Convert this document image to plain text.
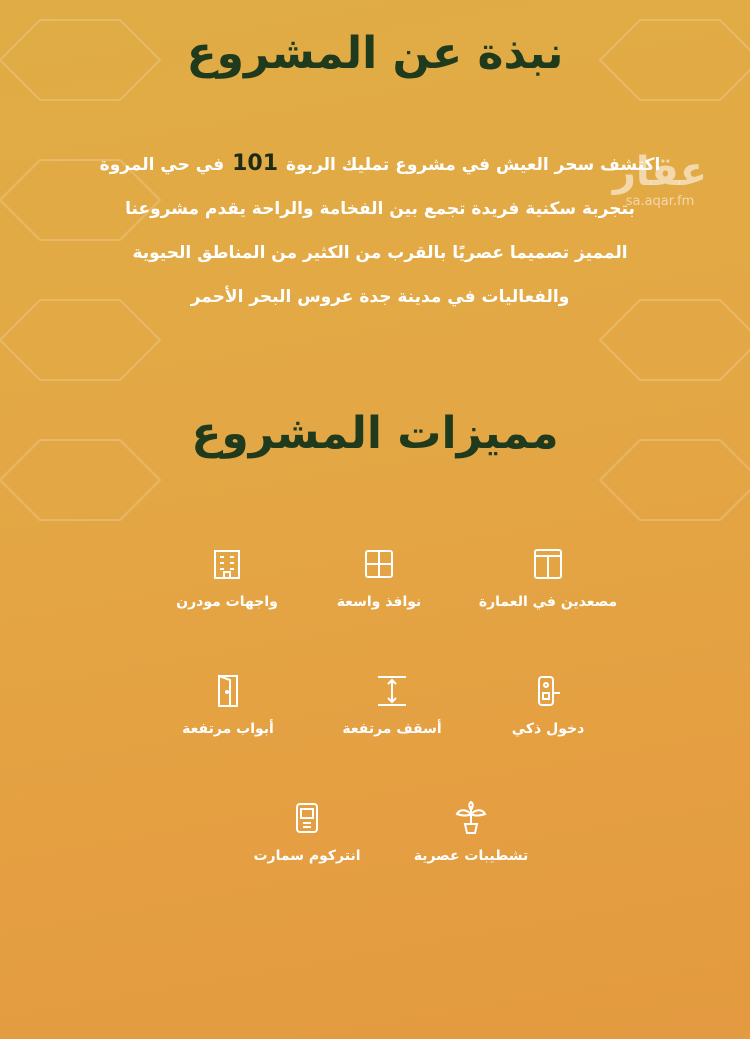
نبذة عن المشروع
اكتشف سحر العيش في مشروع تمليك الربوة101في حي المروة
بتجربة سكنية فريدة تجمع بين الفخامة والراحة يقدم مشروعنا
المميز تصميما عصريًا بالقرب من الكثير من المناطق الحيوية
والفعاليات في مدينة جدة عروس البحر الأحمر
عقار
sa.aqar.fm
مميزات المشروع
مصعدين في العمارة
نوافذ واسعة
واجهات مودرن
دخول ذكي
أسقف مرتفعة
أبواب مرتفعة
تشطيبات عصرية
انتركوم سمارت
